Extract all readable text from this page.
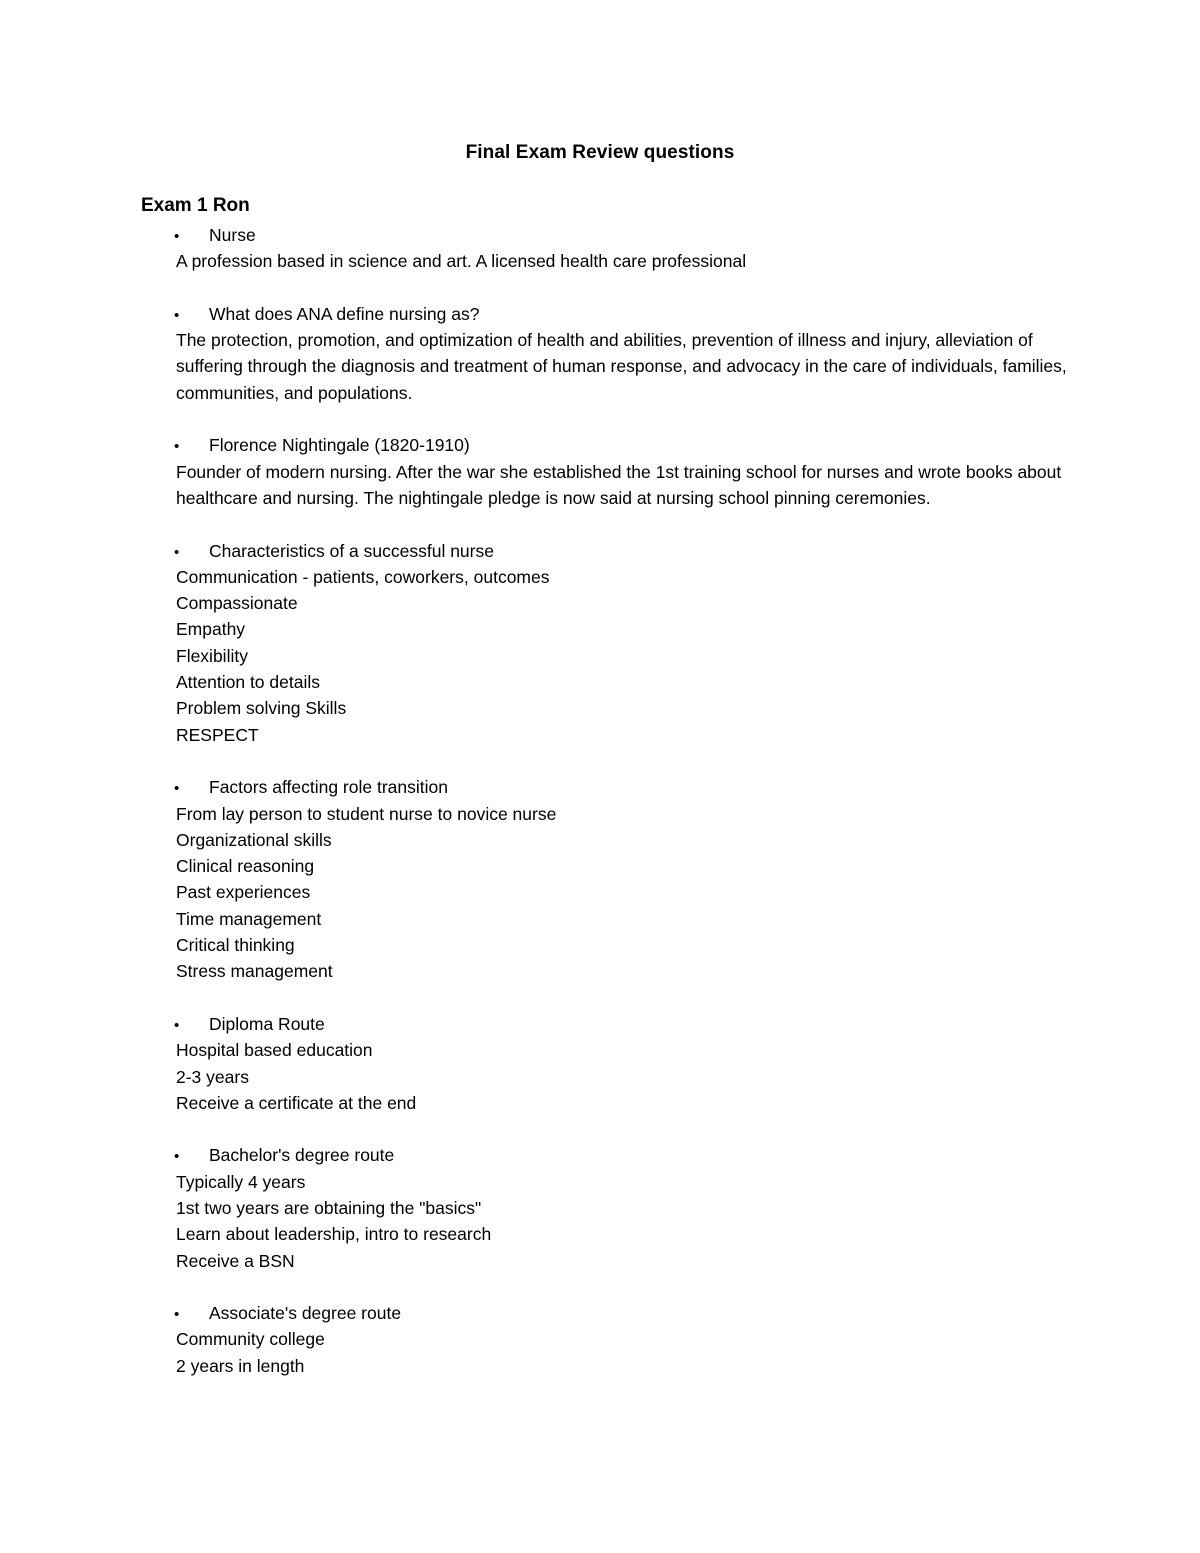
Final Exam Review questions
Exam 1 Ron
•	Nurse
A profession based in science and art. A licensed health care professional
•	What does ANA define nursing as?
The protection, promotion, and optimization of health and abilities, prevention of illness and injury, alleviation of suffering through the diagnosis and treatment of human response, and advocacy in the care of individuals, families, communities, and populations.
•	Florence Nightingale (1820-1910)
Founder of modern nursing. After the war she established the 1st training school for nurses and wrote books about healthcare and nursing. The nightingale pledge is now said at nursing school pinning ceremonies.
•	Characteristics of a successful nurse
Communication - patients, coworkers, outcomes
Compassionate
Empathy
Flexibility
Attention to details
Problem solving Skills
RESPECT
•	Factors affecting role transition
From lay person to student nurse to novice nurse
Organizational skills
Clinical reasoning
Past experiences
Time management
Critical thinking
Stress management
•	Diploma Route
Hospital based education
2-3 years
Receive a certificate at the end
•	Bachelor's degree route
Typically 4 years
1st two years are obtaining the "basics"
Learn about leadership, intro to research
Receive a BSN
•	Associate's degree route
Community college
2 years in length
